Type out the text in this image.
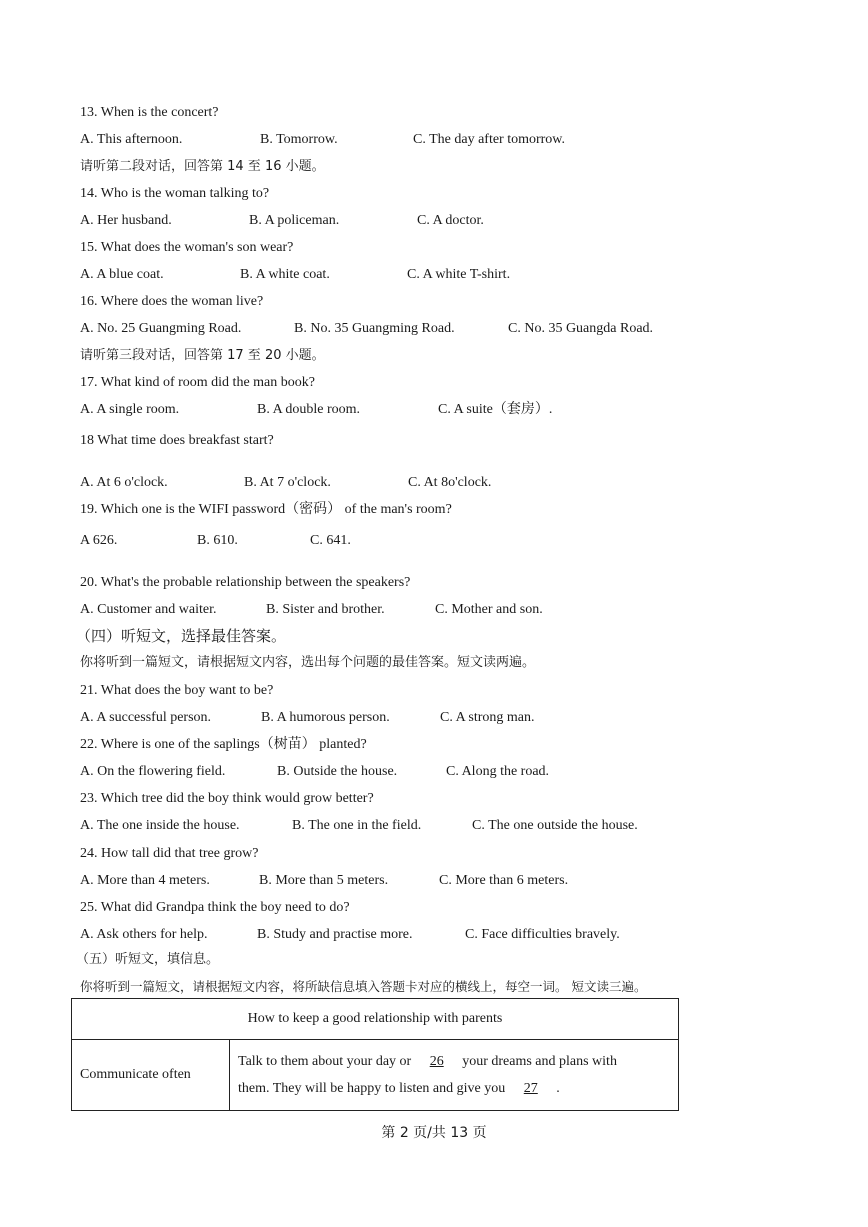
13. When is the concert?
A. This afternoon.	B. Tomorrow.	C. The day after tomorrow.
请听第二段对话，回答第 14 至 16 小题。
14. Who is the woman talking to?
A. Her husband.	B. A policeman.	C. A doctor.
15. What does the woman's son wear?
A. A blue coat.	B. A white coat.	C. A white T-shirt.
16. Where does the woman live?
A. No. 25 Guangming Road.	B. No. 35 Guangming Road.	C. No. 35 Guangda Road.
请听第三段对话，回答第 17 至 20 小题。
17. What kind of room did the man book?
A. A single room.	B. A double room.	C. A suite（套房）.
18 What time does breakfast start?
A. At 6 o'clock.	B. At 7 o'clock.	C. At 8o'clock.
19. Which one is the WIFI password（密码） of the man's room?
A 626.	B. 610.	C. 641.
20. What's the probable relationship between the speakers?
A. Customer and waiter.	B. Sister and brother.	C. Mother and son.
（四）听短文，选择最佳答案。
你将听到一篇短文，请根据短文内容，选出每个问题的最佳答案。短文读两遍。
21. What does the boy want to be?
A. A successful person.	B. A humorous person.	C. A strong man.
22. Where is one of the saplings（树苗） planted?
A. On the flowering field.	B. Outside the house.	C. Along the road.
23. Which tree did the boy think would grow better?
A. The one inside the house.	B. The one in the field.	C. The one outside the house.
24. How tall did that tree grow?
A. More than 4 meters.	B. More than 5 meters.	C. More than 6 meters.
25. What did Grandpa think the boy need to do?
A. Ask others for help.	B. Study and practise more.	C. Face difficulties bravely.
（五）听短文，填信息。
你将听到一篇短文，请根据短文内容，将所缺信息填入答题卡对应的横线上，每空一词。 短文读三遍。
How to keep a good relationship with parents
Communicate often	Talk to them about your day or 26 your dreams and plans with
them. They will be happy to listen and give you 27 .
第 2 页/共 13 页
